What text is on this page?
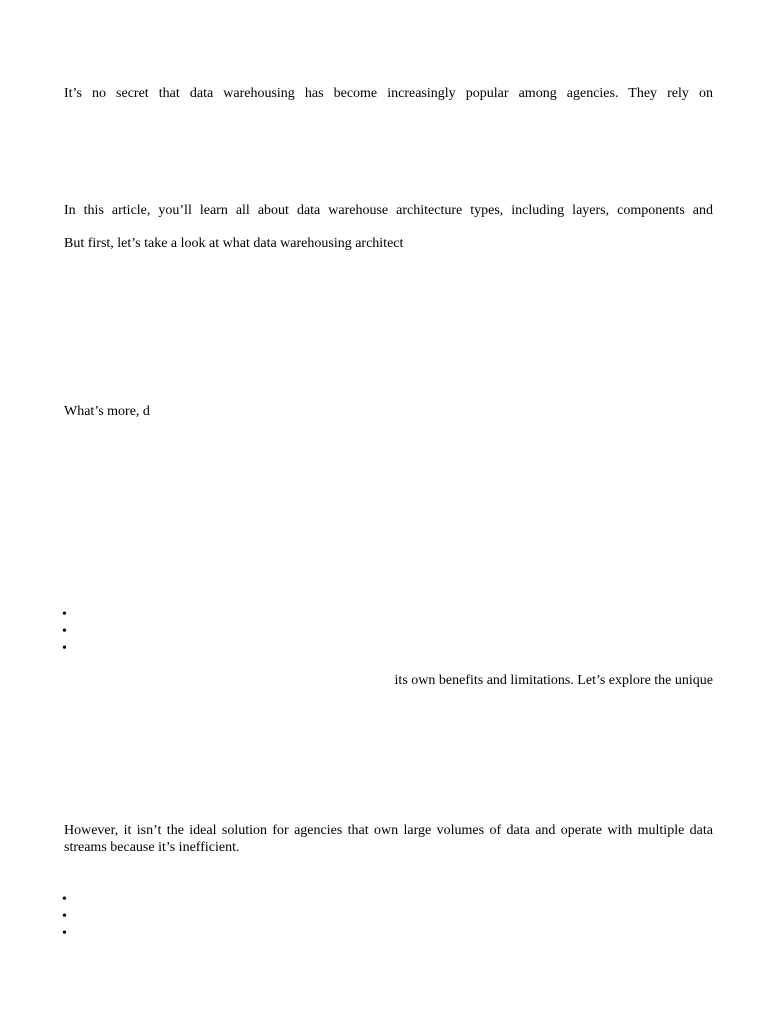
It’s no secret that data warehousing has become increasingly popular among agencies. They rely on
In this article, you’ll learn all about data warehouse architecture types, including layers, components and
But first, let’s take a look at what data warehousing architect
What’s more, d
•
•
•
its own benefits and limitations. Let’s explore the unique
However, it isn’t the ideal solution for agencies that own large volumes of data and operate with multiple data streams because it’s inefficient.
•
•
•
